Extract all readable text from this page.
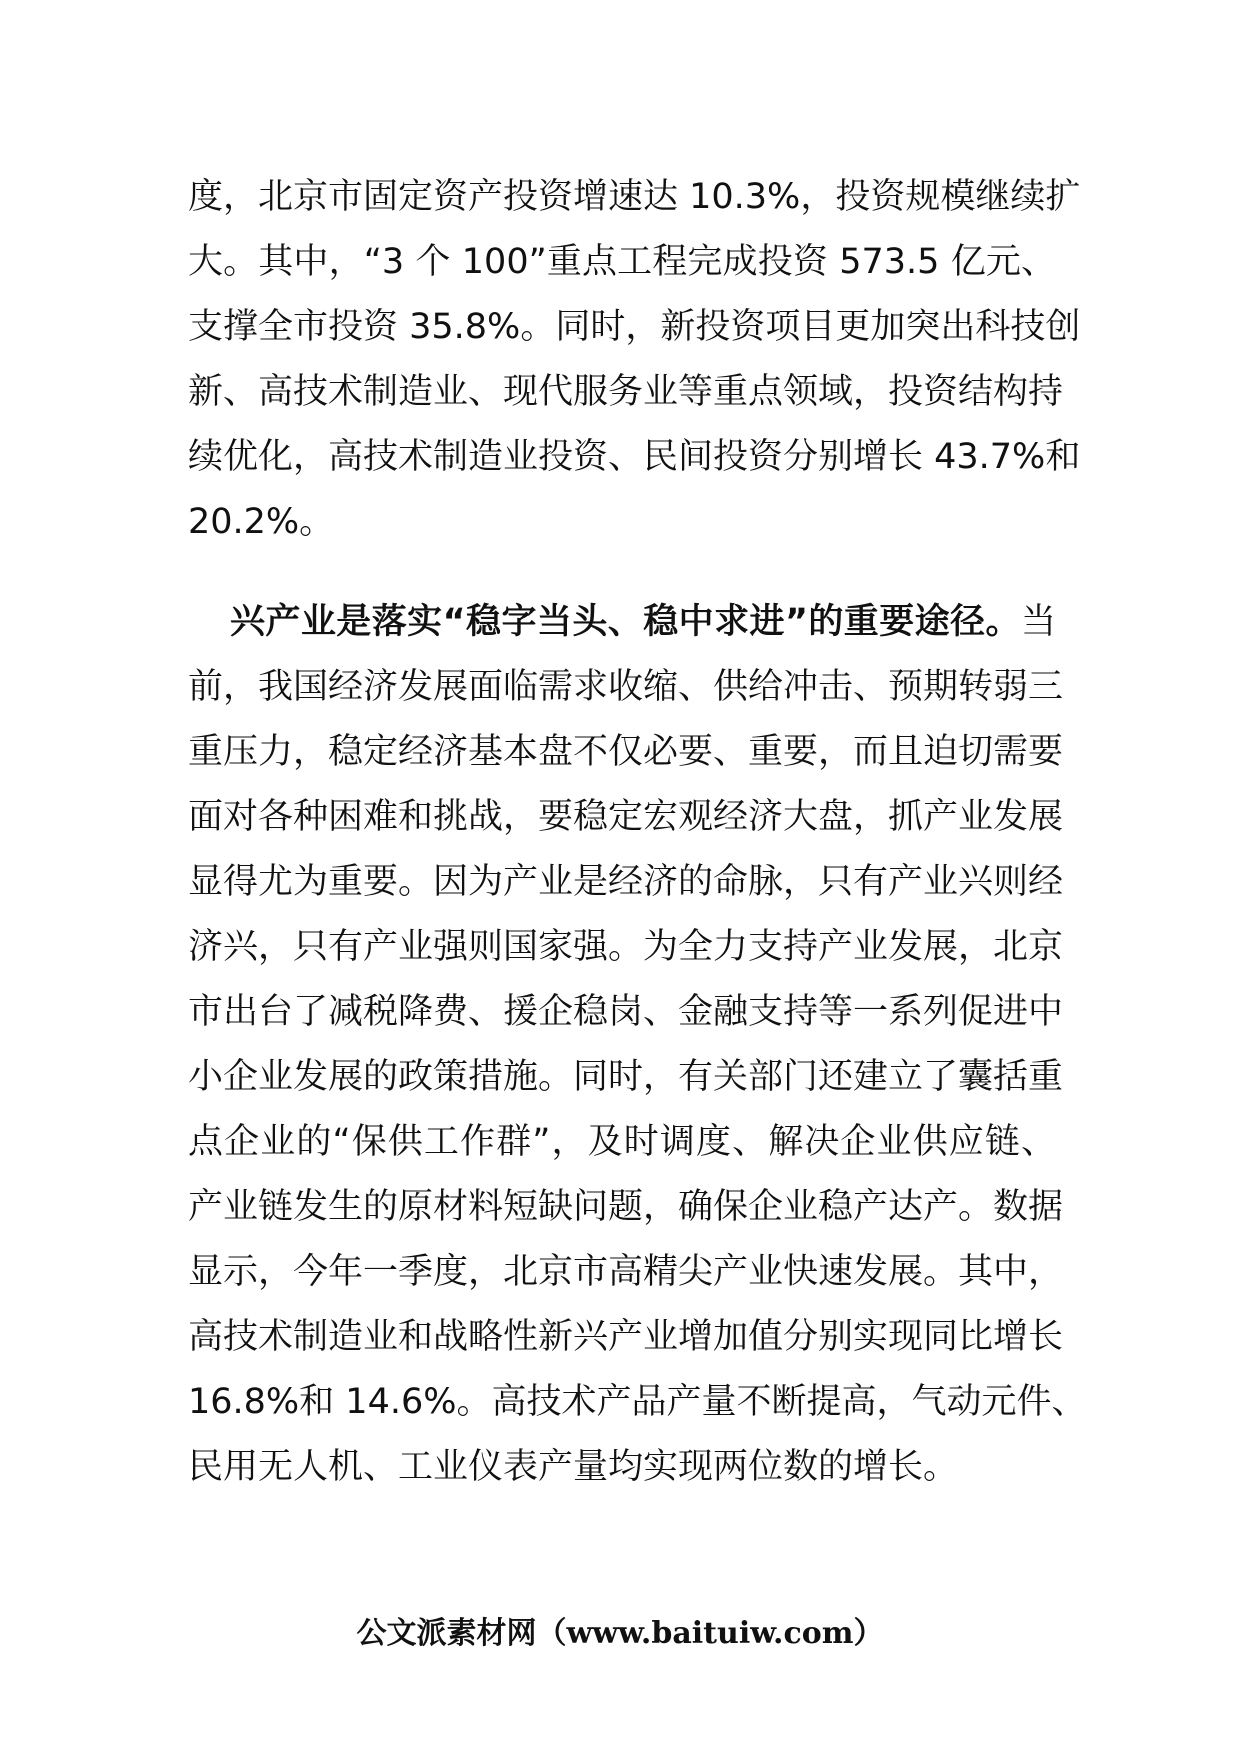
度，北京市固定资产投资增速达 10.3%，投资规模继续扩
大。其中，“3 个 100”重点工程完成投资 573.5 亿元、
支撑全市投资 35.8%。同时，新投资项目更加突出科技创
新、高技术制造业、现代服务业等重点领域，投资结构持
续优化，高技术制造业投资、民间投资分别增长 43.7%和
20.2%。
兴产业是落实“稳字当头、稳中求进”的重要途径。当
前，我国经济发展面临需求收缩、供给冲击、预期转弱三
重压力，稳定经济基本盘不仅必要、重要，而且迫切需要
面对各种困难和挑战，要稳定宏观经济大盘，抓产业发展
显得尤为重要。因为产业是经济的命脉，只有产业兴则经
济兴，只有产业强则国家强。为全力支持产业发展，北京
市出台了减税降费、援企稳岗、金融支持等一系列促进中
小企业发展的政策措施。同时，有关部门还建立了囊括重
点企业的“保供工作群”，及时调度、解决企业供应链、
产业链发生的原材料短缺问题，确保企业稳产达产。数据
显示，今年一季度，北京市高精尖产业快速发展。其中，
高技术制造业和战略性新兴产业增加值分别实现同比增长
16.8%和 14.6%。高技术产品产量不断提高，气动元件、
民用无人机、工业仪表产量均实现两位数的增长。
公文派素材网（www.baituiw.com）
